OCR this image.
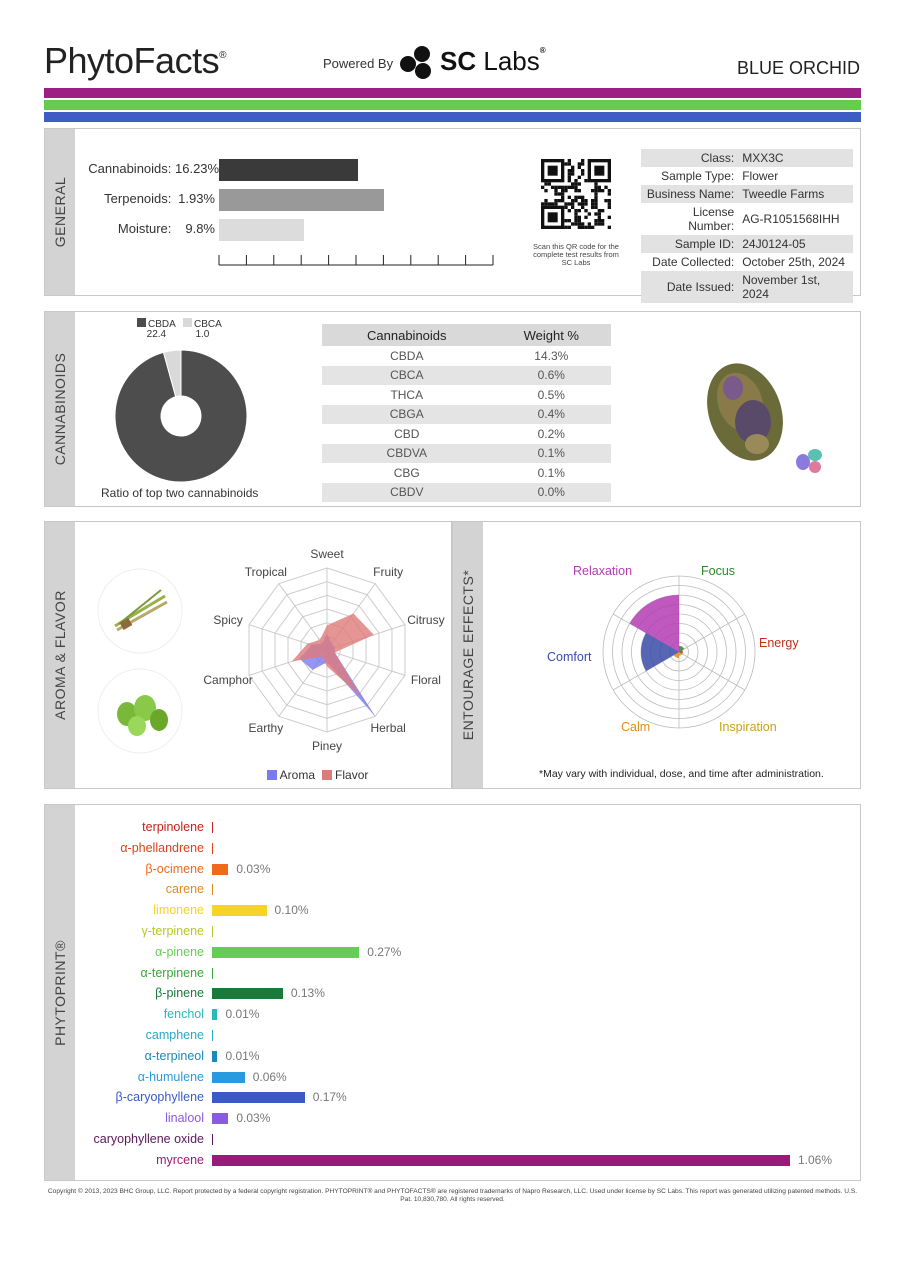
PhytoFacts®
Powered By SC Labs®
BLUE ORCHID
GENERAL
Cannabinoids: 16.23%
Terpenoids: 1.93%
Moisture: 9.8%
Scan this QR code for the complete test results from SC Labs
Class:	MXX3C
Sample Type:	Flower
Business Name:	Tweedle Farms
License Number:	AG-R1051568IHH
Sample ID:	24J0124-05
Date Collected:	October 25th, 2024
Date Issued:	November 1st, 2024
CANNABINOIDS
CBDA
22.4
CBCA
1.0
Ratio of top two cannabinoids
Cannabinoids	Weight %
CBDA	14.3%
CBCA	0.6%
THCA	0.5%
CBGA	0.4%
CBD	0.2%
CBDVA	0.1%
CBG	0.1%
CBDV	0.0%
AROMA & FLAVOR
Aroma Flavor
Sweet
Fruity
Citrusy
Floral
Herbal
Piney
Earthy
Camphor
Spicy
Tropical	ENTOURAGE EFFECTS*
*May vary with individual, dose, and time after administration.
Relaxation	Focus
Energy
Inspiration
Calm
Comfort
PHYTOPRINT®
terpinolene
α-phellandrene
β-ocimene	0.03%
carene
limonene	0.10%
γ-terpinene
α-pinene	0.27%
α-terpinene
β-pinene	0.13%
fenchol 0.01%
camphene
α-terpineol 0.01%
α-humulene	0.06%
β-caryophyllene	0.17%
linalool	0.03%
caryophyllene oxide
myrcene	1.06%
Copyright © 2013, 2023 BHC Group, LLC. Report protected by a federal copyright registration. PHYTOPRINT® and PHYTOFACTS® are registered trademarks of Napro Research, LLC. Used under license by SC Labs. This report was generated utilizing patented methods. U.S. Pat. 10,830,780. All rights reserved.
